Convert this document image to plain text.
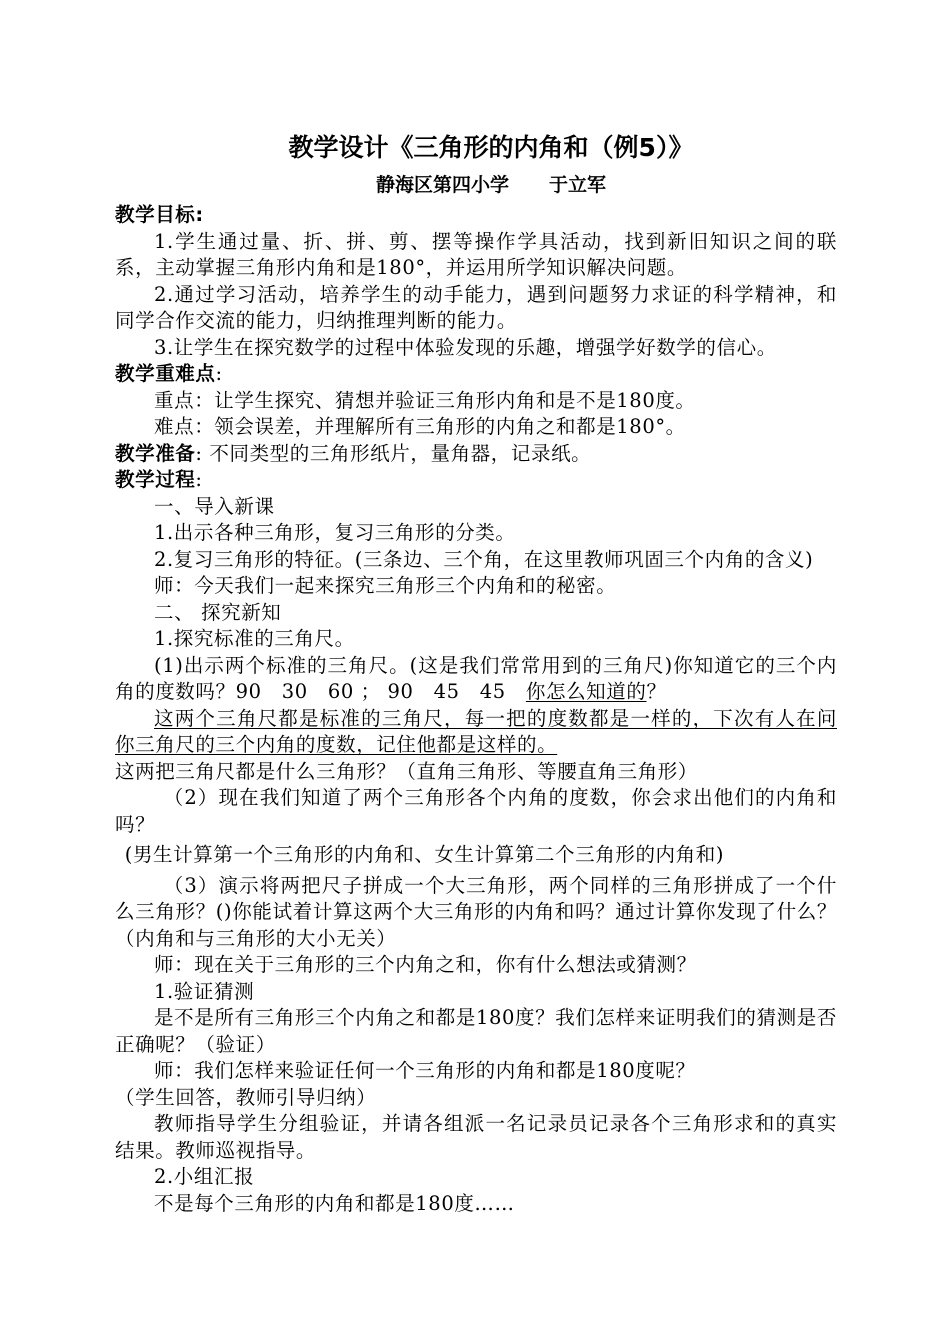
教学设计《三角形的内角和（例5）》
静海区第四小学 于立军

教学目标:

1.学生通过量、折、拼、剪、摆等操作学具活动，找到新旧知识之间的联系，主动掌握三角形内角和是180°，并运用所学知识解决问题。

2.通过学习活动，培养学生的动手能力，遇到问题努力求证的科学精神，和同学合作交流的能力，归纳推理判断的能力。

3.让学生在探究数学的过程中体验发现的乐趣，增强学好数学的信心。

教学重难点:

重点：让学生探究、猜想并验证三角形内角和是不是180度。

难点：领会误差，并理解所有三角形的内角之和都是180°。

教学准备: 不同类型的三角形纸片，量角器，记录纸。

教学过程:

一、导入新课

1.出示各种三角形，复习三角形的分类。

2.复习三角形的特征。(三条边、三个角，在这里教师巩固三个内角的含义)

师：今天我们一起来探究三角形三个内角和的秘密。

二、 探究新知

1.探究标准的三角尺。

(1)出示两个标准的三角尺。(这是我们常常用到的三角尺)你知道它的三个内角的度数吗？90　30　60 ； 90　45　45　你怎么知道的？

这两个三角尺都是标准的三角尺，每一把的度数都是一样的，下次有人在问你三角尺的三个内角的度数，记住他都是这样的。

这两把三角尺都是什么三角形？（直角三角形、等腰直角三角形）

（2）现在我们知道了两个三角形各个内角的度数，你会求出他们的内角和吗？

(男生计算第一个三角形的内角和、女生计算第二个三角形的内角和)

（3）演示将两把尺子拼成一个大三角形，两个同样的三角形拼成了一个什么三角形？()你能试着计算这两个大三角形的内角和吗？通过计算你发现了什么？（内角和与三角形的大小无关）

师：现在关于三角形的三个内角之和，你有什么想法或猜测？

1.验证猜测

是不是所有三角形三个内角之和都是180度？我们怎样来证明我们的猜测是否正确呢？（验证）

师：我们怎样来验证任何一个三角形的内角和都是180度呢？

（学生回答，教师引导归纳）

教师指导学生分组验证，并请各组派一名记录员记录各个三角形求和的真实结果。教师巡视指导。

2.小组汇报

不是每个三角形的内角和都是180度……
